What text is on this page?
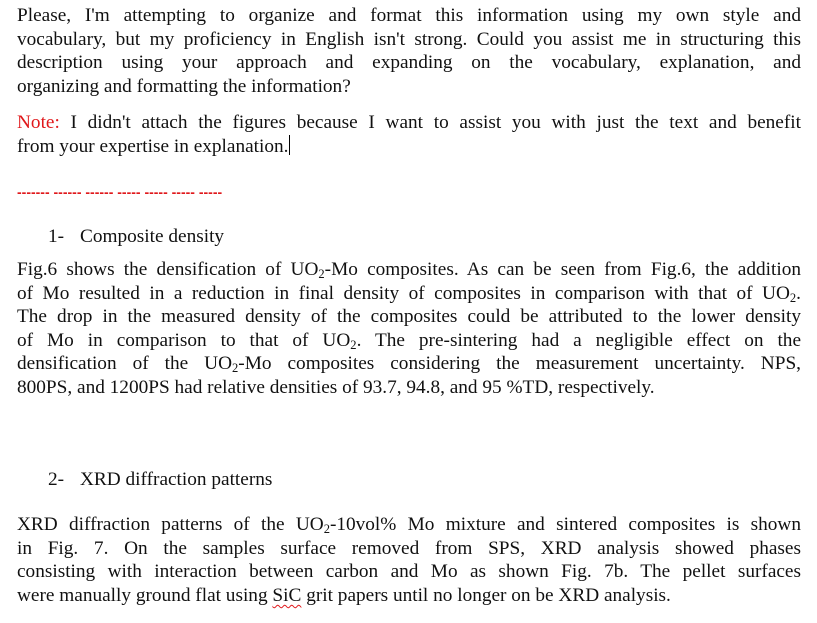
Please, I'm attempting to organize and format this information using my own style and
vocabulary, but my proficiency in English isn't strong. Could you assist me in structuring this
description using your approach and expanding on the vocabulary, explanation, and
organizing and formatting the information?
Note: I didn't attach the figures because I want to assist you with just the text and benefit
from your expertise in explanation.
------- ------ ------ ----- ----- ----- -----
1- Composite density
Fig.6 shows the densification of $UO_2-Mo$ composites. As can be seen from Fig.6, the addition
of Mo resulted in a reduction in final density of composites in comparison with that of $UO_2$.
The drop in the measured density of the composites could be attributed to the lower density
of Mo in comparison to that of $UO_2$. The pre-sintering had a negligible effect on the
densification of the $UO_2-Mo$ composites considering the measurement uncertainty. NPS,
800PS, and 1200PS had relative densities of 93.7, 94.8, and 95 %TD, respectively.
2- XRD diffraction patterns
XRD diffraction patterns of the $UO_2-10vol\%$ Mo mixture and sintered composites is shown
in Fig. 7. On the samples surface removed from SPS, XRD analysis showed phases
consisting with interaction between carbon and Mo as shown Fig. 7b. The pellet surfaces
were manually ground flat using SiC grit papers until no longer on be XRD analysis.
